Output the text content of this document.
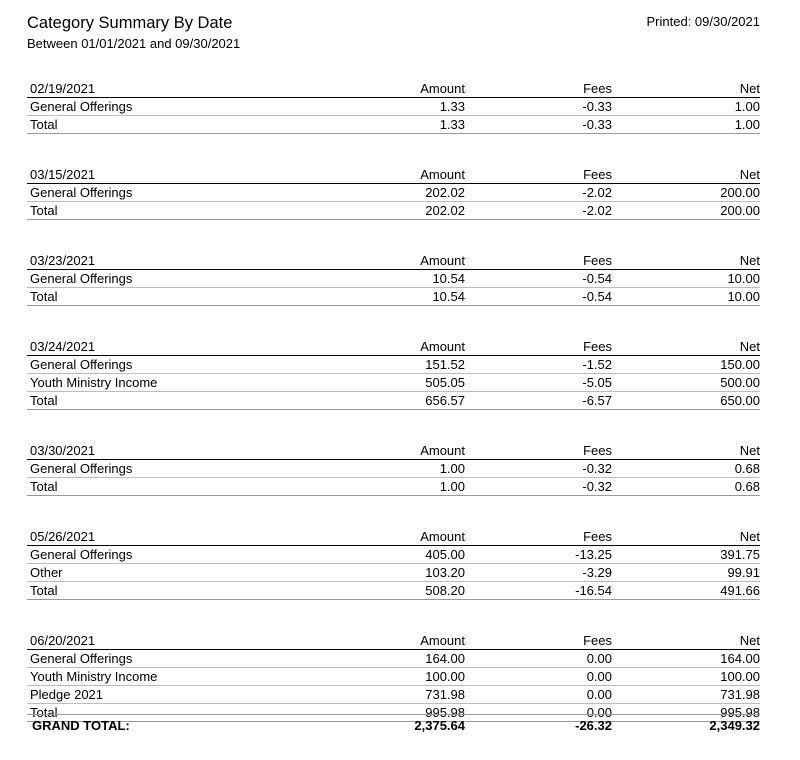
Category Summary By Date
Between 01/01/2021 and 09/30/2021
Printed: 09/30/2021
02/19/2021	Amount	Fees	Net
General Offerings	1.33	-0.33	1.00
Total	1.33	-0.33	1.00
03/15/2021	Amount	Fees	Net
General Offerings	202.02	-2.02	200.00
Total	202.02	-2.02	200.00
03/23/2021	Amount	Fees	Net
General Offerings	10.54	-0.54	10.00
Total	10.54	-0.54	10.00
03/24/2021	Amount	Fees	Net
General Offerings	151.52	-1.52	150.00
Youth Ministry Income	505.05	-5.05	500.00
Total	656.57	-6.57	650.00
03/30/2021	Amount	Fees	Net
General Offerings	1.00	-0.32	0.68
Total	1.00	-0.32	0.68
05/26/2021	Amount	Fees	Net
General Offerings	405.00	-13.25	391.75
Other	103.20	-3.29	99.91
Total	508.20	-16.54	491.66
06/20/2021	Amount	Fees	Net
General Offerings	164.00	0.00	164.00
Youth Ministry Income	100.00	0.00	100.00
Pledge 2021	731.98	0.00	731.98
Total	995.98	0.00	995.98
GRAND TOTAL:	2,375.64	-26.32	2,349.32
